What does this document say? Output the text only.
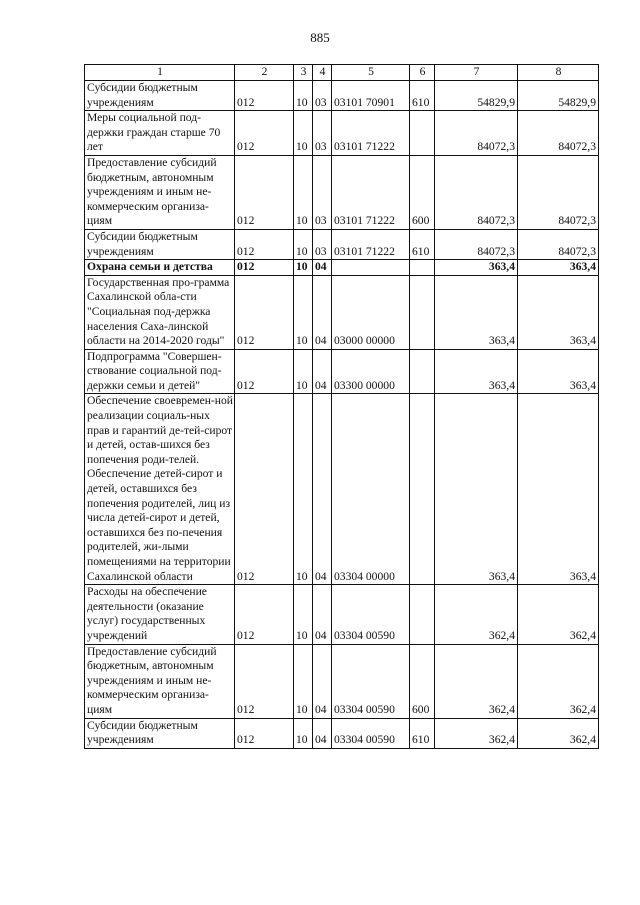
885
1	2	3	4	5	6	7	8
Субсидии бюджетным учреждениям	012	10	03	03101 70901	610	54829,9	54829,9
Меры социальной под-держки граждан старше 70 лет	012	10	03	03101 71222		84072,3	84072,3
Предоставление субсидий бюджетным, автономным учреждениям и иным не-коммерческим организа-циям	012	10	03	03101 71222	600	84072,3	84072,3
Субсидии бюджетным учреждениям	012	10	03	03101 71222	610	84072,3	84072,3
Охрана семьи и детства	012	10	04			363,4	363,4
Государственная про-грамма Сахалинской обла-сти "Социальная под-держка населения Саха-линской области на 2014-2020 годы"	012	10	04	03000 00000		363,4	363,4
Подпрограмма "Совершен-ствование социальной под-держки семьи и детей"	012	10	04	03300 00000		363,4	363,4
Обеспечение своевремен-ной реализации социаль-ных прав и гарантий де-тей-сирот и детей, остав-шихся без попечения роди-телей. Обеспечение детей-сирот и детей, оставшихся без попечения родителей, лиц из числа детей-сирот и детей, оставшихся без по-печения родителей, жи-лыми помещениями на территории Сахалинской области	012	10	04	03304 00000		363,4	363,4
Расходы на обеспечение деятельности (оказание услуг) государственных учреждений	012	10	04	03304 00590		362,4	362,4
Предоставление субсидий бюджетным, автономным учреждениям и иным не-коммерческим организа-циям	012	10	04	03304 00590	600	362,4	362,4
Субсидии бюджетным учреждениям	012	10	04	03304 00590	610	362,4	362,4
